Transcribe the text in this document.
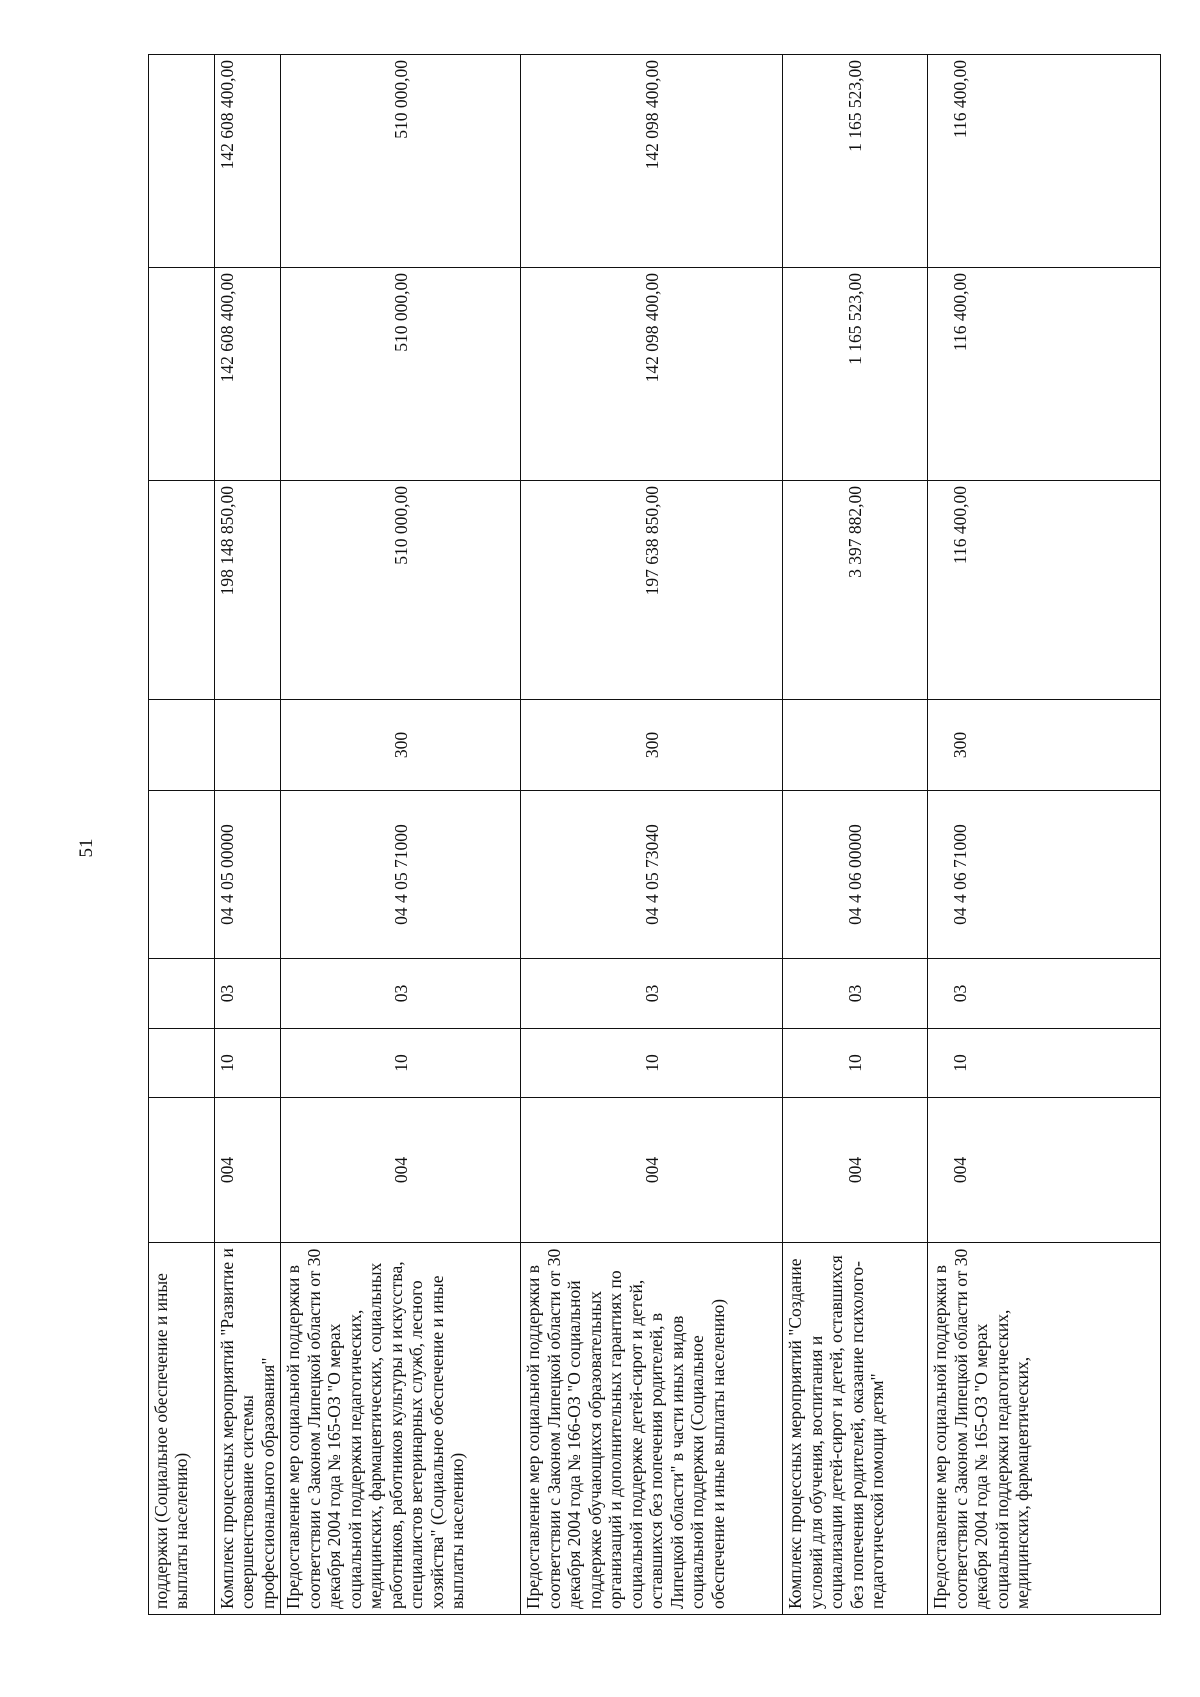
51
поддержки (Социальное обеспечение и иные выплаты населению)								
Комплекс процессных мероприятий "Развитие и совершенствование системы профессионального образования"	004	10	03	04 4 05 00000		198 148 850,00	142 608 400,00	142 608 400,00
Предоставление мер социальной поддержки в соответствии с Законом Липецкой области от 30 декабря 2004 года № 165-ОЗ "О мерах социальной поддержки педагогических, медицинских, фармацевтических, социальных работников, работников культуры и искусства, специалистов ветеринарных служб, лесного хозяйства" (Социальное обеспечение и иные выплаты населению)	004	10	03	04 4 05 71000	300	510 000,00	510 000,00	510 000,00
Предоставление мер социальной поддержки в соответствии с Законом Липецкой области от 30 декабря 2004 года № 166-ОЗ "О социальной поддержке обучающихся образовательных организаций и дополнительных гарантиях по социальной поддержке детей-сирот и детей, оставшихся без попечения родителей, в Липецкой области" в части иных видов социальной поддержки (Социальное обеспечение и иные выплаты населению)	004	10	03	04 4 05 73040	300	197 638 850,00	142 098 400,00	142 098 400,00
Комплекс процессных мероприятий "Создание условий для обучения, воспитания и социализации детей-сирот и детей, оставшихся без попечения родителей, оказание психолого-педагогической помощи детям"	004	10	03	04 4 06 00000		3 397 882,00	1 165 523,00	1 165 523,00
Предоставление мер социальной поддержки в соответствии с Законом Липецкой области от 30 декабря 2004 года № 165-ОЗ "О мерах социальной поддержки педагогических, медицинских, фармацевтических,	004	10	03	04 4 06 71000	300	116 400,00	116 400,00	116 400,00
